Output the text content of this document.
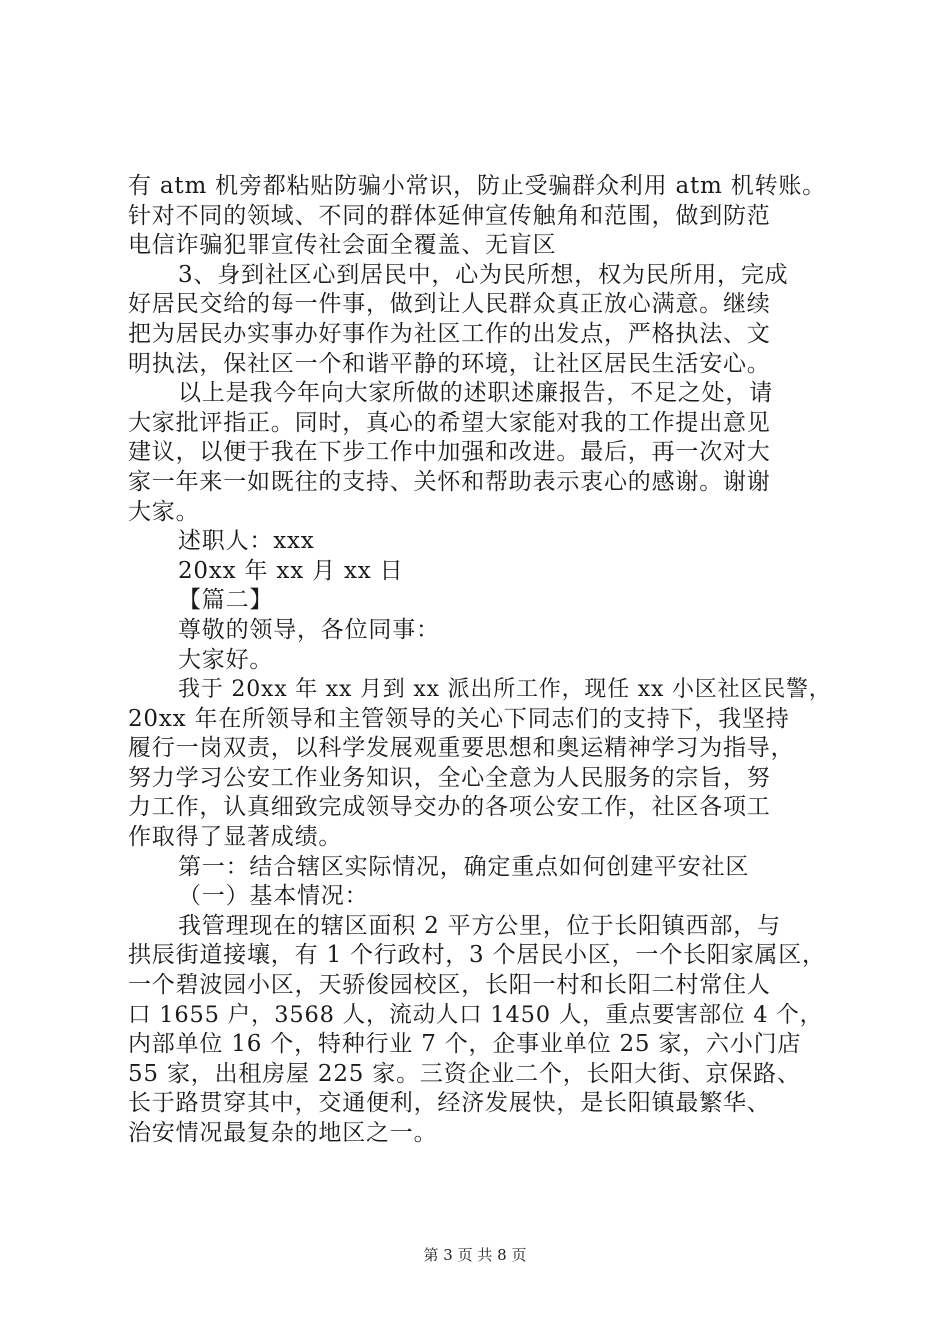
有 atm 机旁都粘贴防骗小常识，防止受骗群众利用 atm 机转账。
针对不同的领域、不同的群体延伸宣传触角和范围，做到防范
电信诈骗犯罪宣传社会面全覆盖、无盲区
3、身到社区心到居民中，心为民所想，权为民所用，完成
好居民交给的每一件事，做到让人民群众真正放心满意。继续
把为居民办实事办好事作为社区工作的出发点，严格执法、文
明执法，保社区一个和谐平静的环境，让社区居民生活安心。
以上是我今年向大家所做的述职述廉报告，不足之处，请
大家批评指正。同时，真心的希望大家能对我的工作提出意见
建议，以便于我在下步工作中加强和改进。最后，再一次对大
家一年来一如既往的支持、关怀和帮助表示衷心的感谢。谢谢
大家。
述职人：xxx
20xx 年 xx 月 xx 日
【篇二】
尊敬的领导，各位同事：
大家好。
我于 20xx 年 xx 月到 xx 派出所工作，现任 xx 小区社区民警，
20xx 年在所领导和主管领导的关心下同志们的支持下，我坚持
履行一岗双责，以科学发展观重要思想和奥运精神学习为指导，
努力学习公安工作业务知识，全心全意为人民服务的宗旨，努
力工作，认真细致完成领导交办的各项公安工作，社区各项工
作取得了显著成绩。
第一：结合辖区实际情况，确定重点如何创建平安社区
（一）基本情况：
我管理现在的辖区面积 2 平方公里，位于长阳镇西部，与
拱辰街道接壤，有 1 个行政村，3 个居民小区，一个长阳家属区，
一个碧波园小区，天骄俊园校区，长阳一村和长阳二村常住人
口 1655 户，3568 人，流动人口 1450 人，重点要害部位 4 个，
内部单位 16 个，特种行业 7 个，企事业单位 25 家，六小门店
55 家，出租房屋 225 家。三资企业二个，长阳大街、京保路、
长于路贯穿其中，交通便利，经济发展快，是长阳镇最繁华、
治安情况最复杂的地区之一。
第 3 页 共 8 页
